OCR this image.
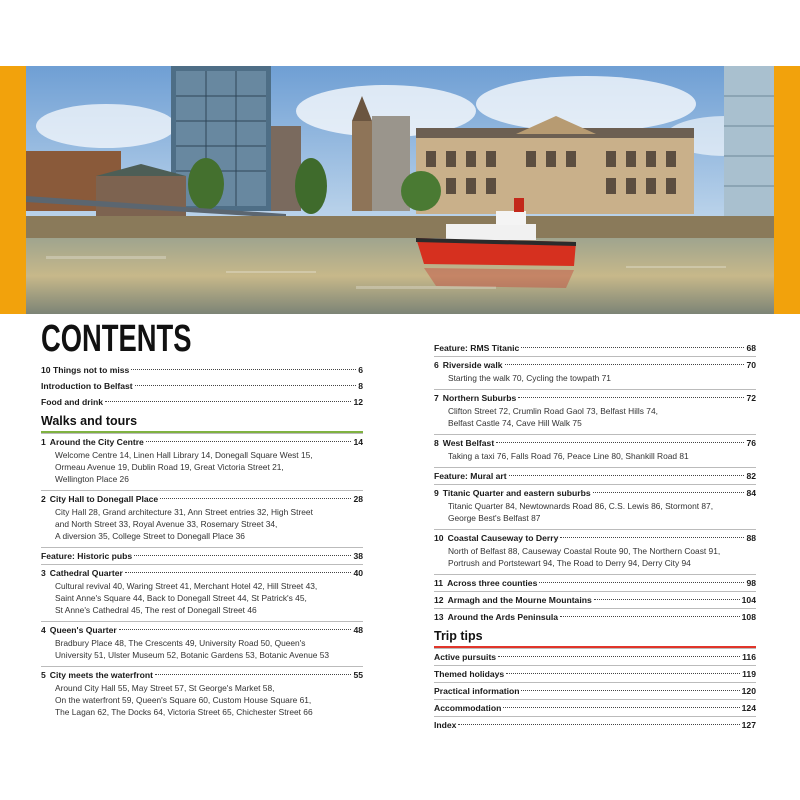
CONTENTS
10 Things not to miss	6
Introduction to Belfast	8
Food and drink	12
Walks and tours
1 Around the City Centre	14
Welcome Centre 14, Linen Hall Library 14, Donegall Square West 15,
Ormeau Avenue 19, Dublin Road 19, Great Victoria Street 21,
Wellington Place 26
2 City Hall to Donegall Place	28
City Hall 28, Grand architecture 31, Ann Street entries 32, High Street
and North Street 33, Royal Avenue 33, Rosemary Street 34,
A diversion 35, College Street to Donegall Place 36
Feature: Historic pubs	38
3 Cathedral Quarter	40
Cultural revival 40, Waring Street 41, Merchant Hotel 42, Hill Street 43,
Saint Anne's Square 44, Back to Donegall Street 44, St Patrick's 45,
St Anne's Cathedral 45, The rest of Donegall Street 46
4 Queen's Quarter	48
Bradbury Place 48, The Crescents 49, University Road 50, Queen's
University 51, Ulster Museum 52, Botanic Gardens 53, Botanic Avenue 53
5 City meets the waterfront	55
Around City Hall 55, May Street 57, St George's Market 58,
On the waterfront 59, Queen's Square 60, Custom House Square 61,
The Lagan 62, The Docks 64, Victoria Street 65, Chichester Street 66
Feature: RMS Titanic	68
6 Riverside walk	70
Starting the walk 70, Cycling the towpath 71
7 Northern Suburbs	72
Clifton Street 72, Crumlin Road Gaol 73, Belfast Hills 74,
Belfast Castle 74, Cave Hill Walk 75
8 West Belfast	76
Taking a taxi 76, Falls Road 76, Peace Line 80, Shankill Road 81
Feature: Mural art	82
9 Titanic Quarter and eastern suburbs	84
Titanic Quarter 84, Newtownards Road 86, C.S. Lewis 86, Stormont 87,
George Best's Belfast 87
10 Coastal Causeway to Derry	88
North of Belfast 88, Causeway Coastal Route 90, The Northern Coast 91,
Portrush and Portstewart 94, The Road to Derry 94, Derry City 94
11 Across three counties	98
12 Armagh and the Mourne Mountains	104
13 Around the Ards Peninsula	108
Trip tips
Active pursuits	116
Themed holidays	119
Practical information	120
Accommodation	124
Index	127
